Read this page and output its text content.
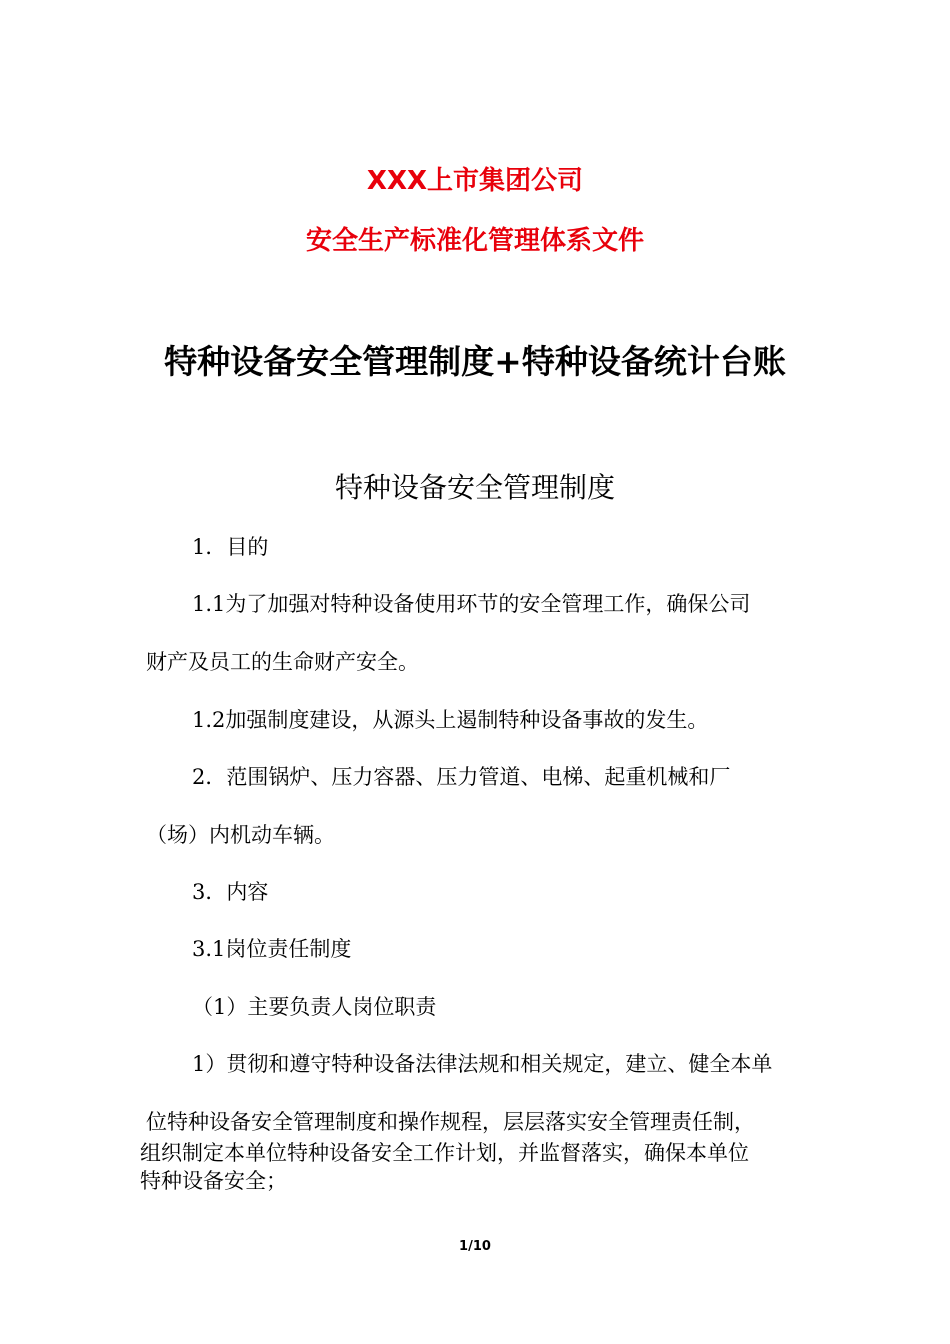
XXX上市集团公司
安全生产标准化管理体系文件
特种设备安全管理制度+特种设备统计台账
特种设备安全管理制度
1．目的
1.1为了加强对特种设备使用环节的安全管理工作，确保公司
财产及员工的生命财产安全。
1.2加强制度建设，从源头上遏制特种设备事故的发生。
2．范围锅炉、压力容器、压力管道、电梯、起重机械和厂
（场）内机动车辆。
3．内容
3.1岗位责任制度
（1）主要负责人岗位职责
1）贯彻和遵守特种设备法律法规和相关规定，建立、健全本单
位特种设备安全管理制度和操作规程，层层落实安全管理责任制，
组织制定本单位特种设备安全工作计划，并监督落实，确保本单位
特种设备安全；
1/10
